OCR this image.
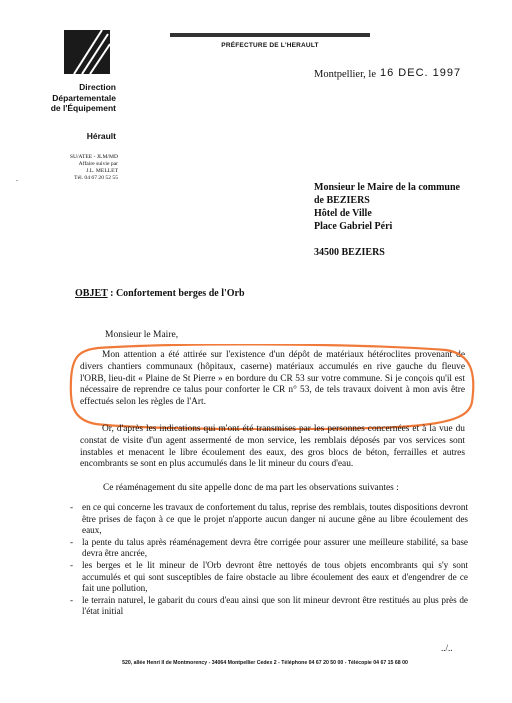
Direction
Départementale
de l'Équipement
Hérault
SU/ATEE - JLM/MD
Affaire suivie par
J.L. MELLET
Tél. 04 67 20 52 55
-
PRÉFECTURE DE L'HERAULT
Montpellier, le 16 DEC. 1997
Monsieur le Maire de la commune
de BEZIERS
Hôtel de Ville
Place Gabriel Péri

34500 BEZIERS
OBJET : Confortement berges de l'Orb
Monsieur le Maire,
Mon attention a été attirée sur l'existence d'un dépôt de matériaux hétéroclites provenant de divers chantiers communaux (hôpitaux, caserne) matériaux accumulés en rive gauche du fleuve l'ORB, lieu-dit « Plaine de St Pierre » en bordure du CR 53 sur votre commune. Si je conçois qu'il est nécessaire de reprendre ce talus pour conforter le CR n° 53, de tels travaux doivent à mon avis être effectués selon les règles de l'Art.
Or, d'après les indications qui m'ont été transmises par les personnes concernées et à la vue du constat de visite d'un agent assermenté de mon service, les remblais déposés par vos services sont instables et menacent le libre écoulement des eaux, des gros blocs de béton, ferrailles et autres encombrants se sont en plus accumulés dans le lit mineur du cours d'eau.
Ce réaménagement du site appelle donc de ma part les observations suivantes :
- en ce qui concerne les travaux de confortement du talus, reprise des remblais, toutes dispositions devront être prises de façon à ce que le projet n'apporte aucun danger ni aucune gêne au libre écoulement des eaux,
- la pente du talus après réaménagement devra être corrigée pour assurer une meilleure stabilité, sa base devra être ancrée,
- les berges et le lit mineur de l'Orb devront être nettoyés de tous objets encombrants qui s'y sont accumulés et qui sont susceptibles de faire obstacle au libre écoulement des eaux et d'engendrer de ce fait une pollution,
- le terrain naturel, le gabarit du cours d'eau ainsi que son lit mineur devront être restitués au plus près de l'état initial
../..
520, allée Henri II de Montmorency - 34064 Montpellier Cedex 2 - Téléphone 04 67 20 50 00 - Télécopie 04 67 15 68 00
